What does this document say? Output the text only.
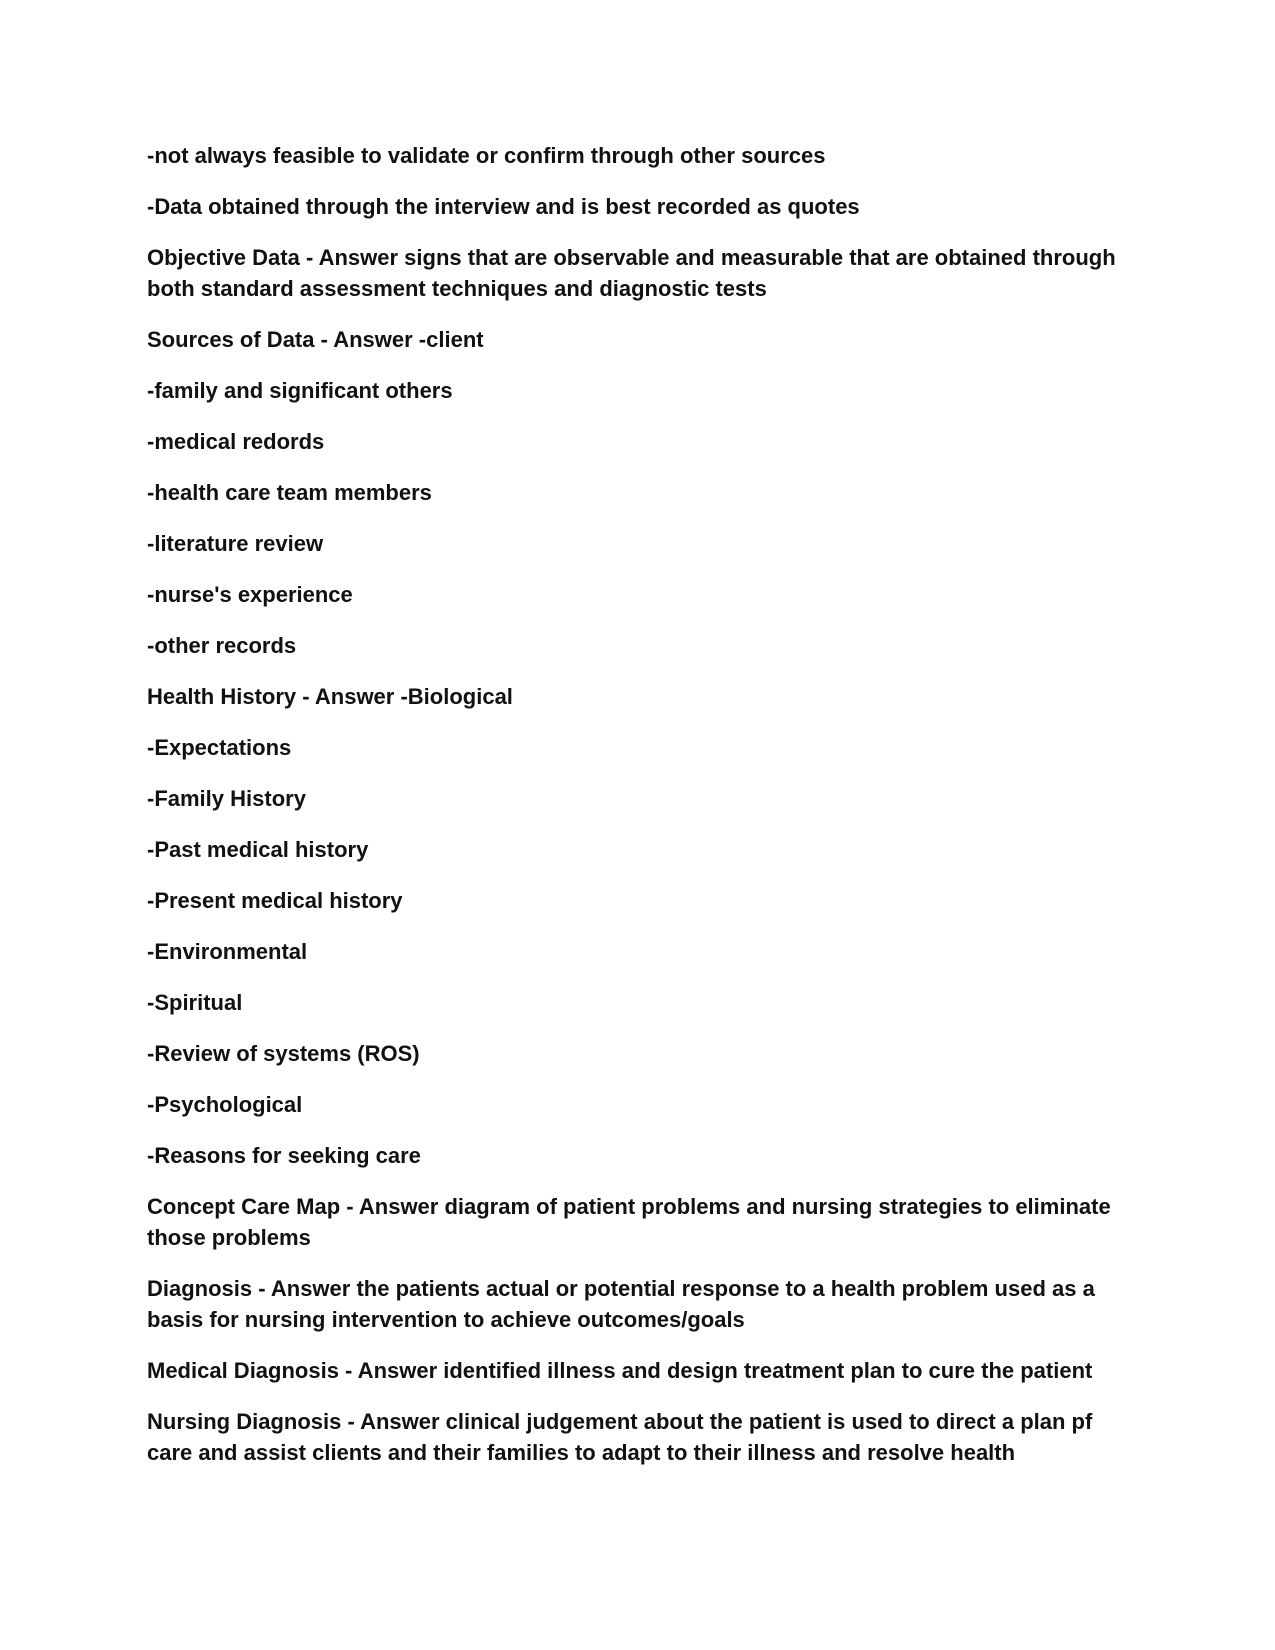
-not always feasible to validate or confirm through other sources

-Data obtained through the interview and is best recorded as quotes

Objective Data - Answer signs that are observable and measurable that are obtained through both standard assessment techniques and diagnostic tests

Sources of Data - Answer -client

-family and significant others

-medical redords

-health care team members

-literature review

-nurse's experience

-other records

Health History - Answer -Biological

-Expectations

-Family History

-Past medical history

-Present medical history

-Environmental

-Spiritual

-Review of systems (ROS)

-Psychological

-Reasons for seeking care

Concept Care Map - Answer diagram of patient problems and nursing strategies to eliminate those problems

Diagnosis - Answer the patients actual or potential response to a health problem used as a basis for nursing intervention to achieve outcomes/goals

Medical Diagnosis - Answer identified illness and design treatment plan to cure the patient

Nursing Diagnosis - Answer clinical judgement about the patient is used to direct a plan pf care and assist clients and their families to adapt to their illness and resolve health
